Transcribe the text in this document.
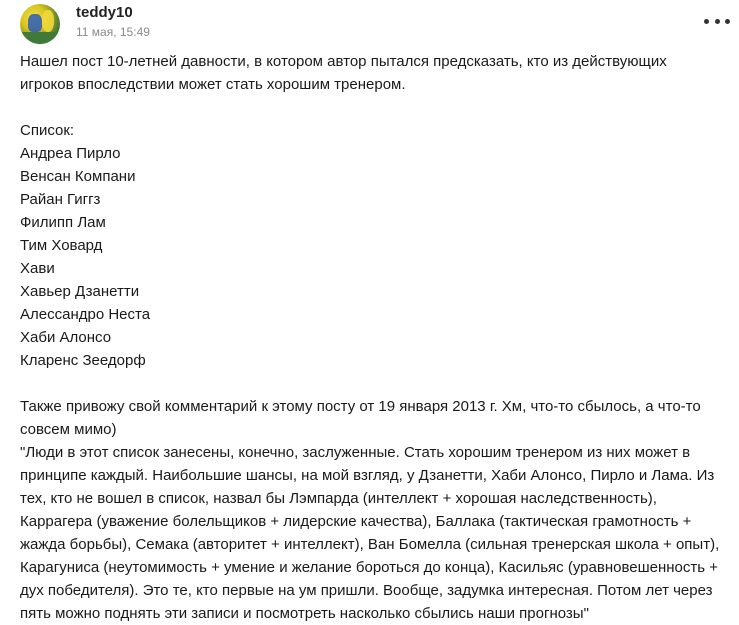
teddy10
11 мая, 15:49

Нашел пост 10-летней давности, в котором автор пытался предсказать, кто из действующих игроков впоследствии может стать хорошим тренером.

Список:

Андреа Пирло

Венсан Компани

Райан Гиггз

Филипп Лам

Тим Ховард

Хави

Хавьер Дзанетти

Алессандро Неста

Хаби Алонсо

Кларенс Зеедорф

Также привожу свой комментарий к этому посту от 19 января 2013 г. Хм, что-то сбылось, а что-то совсем мимо)

"Люди в этот список занесены, конечно, заслуженные. Стать хорошим тренером из них может в принципе каждый. Наибольшие шансы, на мой взгляд, у Дзанетти, Хаби Алонсо, Пирло и Лама. Из тех, кто не вошел в список, назвал бы Лэмпарда (интеллект + хорошая наследственность), Каррагера (уважение болельщиков + лидерские качества), Баллака (тактическая грамотность + жажда борьбы), Семака (авторитет + интеллект), Ван Бомелла (сильная тренерская школа + опыт), Карагуниса (неутомимость + умение и желание бороться до конца), Касильяс (уравновешенность + дух победителя). Это те, кто первые на ум пришли. Вообще, задумка интересная. Потом лет через пять можно поднять эти записи и посмотреть насколько сбылись наши прогнозы"
